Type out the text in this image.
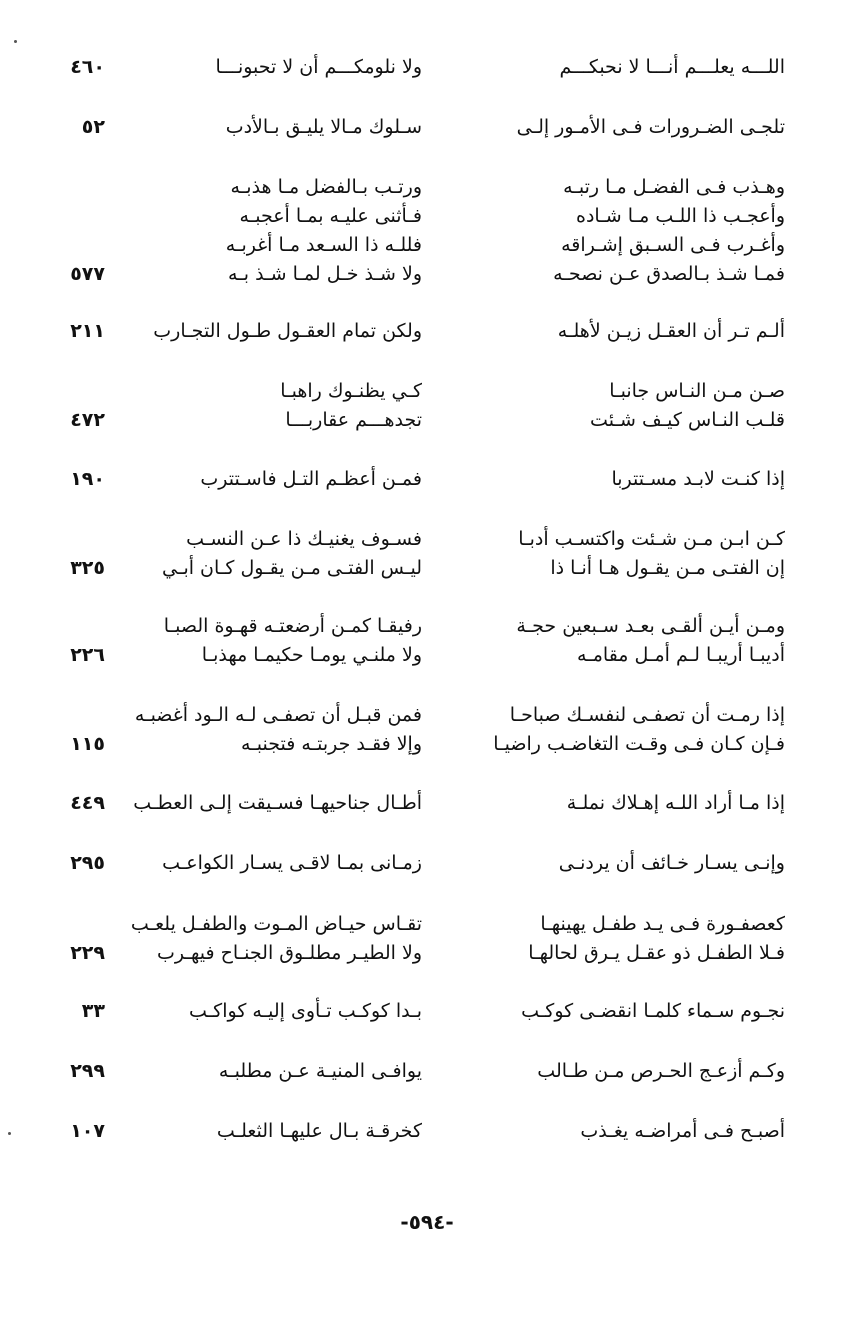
اللـــه يعلـــم أنـــا لا نحبكـــم
ولا نلومكـــم أن لا تحبونـــا
٤٦٠
تلجـى الضـرورات فـى الأمـور إلـى
سـلوك مـالا يليـق بـالأدب
٥٢
وهـذب فـى الفضـل مـا رتبـه
ورتـب بـالفضل مـا هذبـه
وأعجـب ذا اللـب مـا شـاده
فـأثنى عليـه بمـا أعجبـه
وأغـرب فـى السـبق إشـراقه
فللـه ذا السـعد مـا أغربـه
فمـا شـذ بـالصدق عـن نصحـه
ولا شـذ خـل لمـا شـذ بـه
٥٧٧
ألـم تـر أن العقـل زيـن لأهلـه
ولكن تمام العقـول طـول التجـارب
٢١١
صـن مـن النـاس جانبـا
كـي يظنـوك راهبـا
قلـب النـاس كيـف شـئت
تجدهـــم عقاربـــا
٤٧٢
إذا كنـت لابـد مسـتتربا
فمـن أعظـم التـل فاسـتترب
١٩٠
كـن ابـن مـن شـئت واكتسـب أدبـا
فسـوف يغنيـك ذا عـن النسـب
إن الفتـى مـن يقـول هـا أنـا ذا
ليـس الفتـى مـن يقـول كـان أبـي
٣٢٥
ومـن أيـن ألقـى بعـد سـبعين حجـة
رفيقـا كمـن أرضعتـه قهـوة الصبـا
أديبـا أريبـا لـم أمـل مقامـه
ولا ملنـي يومـا حكيمـا مهذبـا
٢٢٦
إذا رمـت أن تصفـى لنفسـك صباحـا
فمن قبـل أن تصفـى لـه الـود أغضبـه
فـإن كـان فـى وقـت التغاضـب راضيـا
وإلا فقـد جربتـه فتجنبـه
١١٥
إذا مـا أراد اللـه إهـلاك نملـة
أطـال جناحيهـا فسـيقت إلـى العطـب
٤٤٩
وإنـى يسـار خـائف أن يردنـى
زمـانى بمـا لاقـى يسـار الكواعـب
٢٩٥
كعصفـورة فـى يـد طفـل يهينهـا
تقـاس حيـاض المـوت والطفـل يلعـب
فـلا الطفـل ذو عقـل يـرق لحالهـا
ولا الطيـر مطلـوق الجنـاح فيهـرب
٢٢٩
نجـوم سـماء كلمـا انقضـى كوكـب
بـدا كوكـب تـأوى إليـه كواكـب
٣٣
وكـم أزعـج الحـرص مـن طـالب
يوافـى المنيـة عـن مطلبـه
٢٩٩
أصبـح فـى أمراضـه يغـذب
كخرقـة بـال عليهـا الثعلـب
١٠٧
-٥٩٤-
